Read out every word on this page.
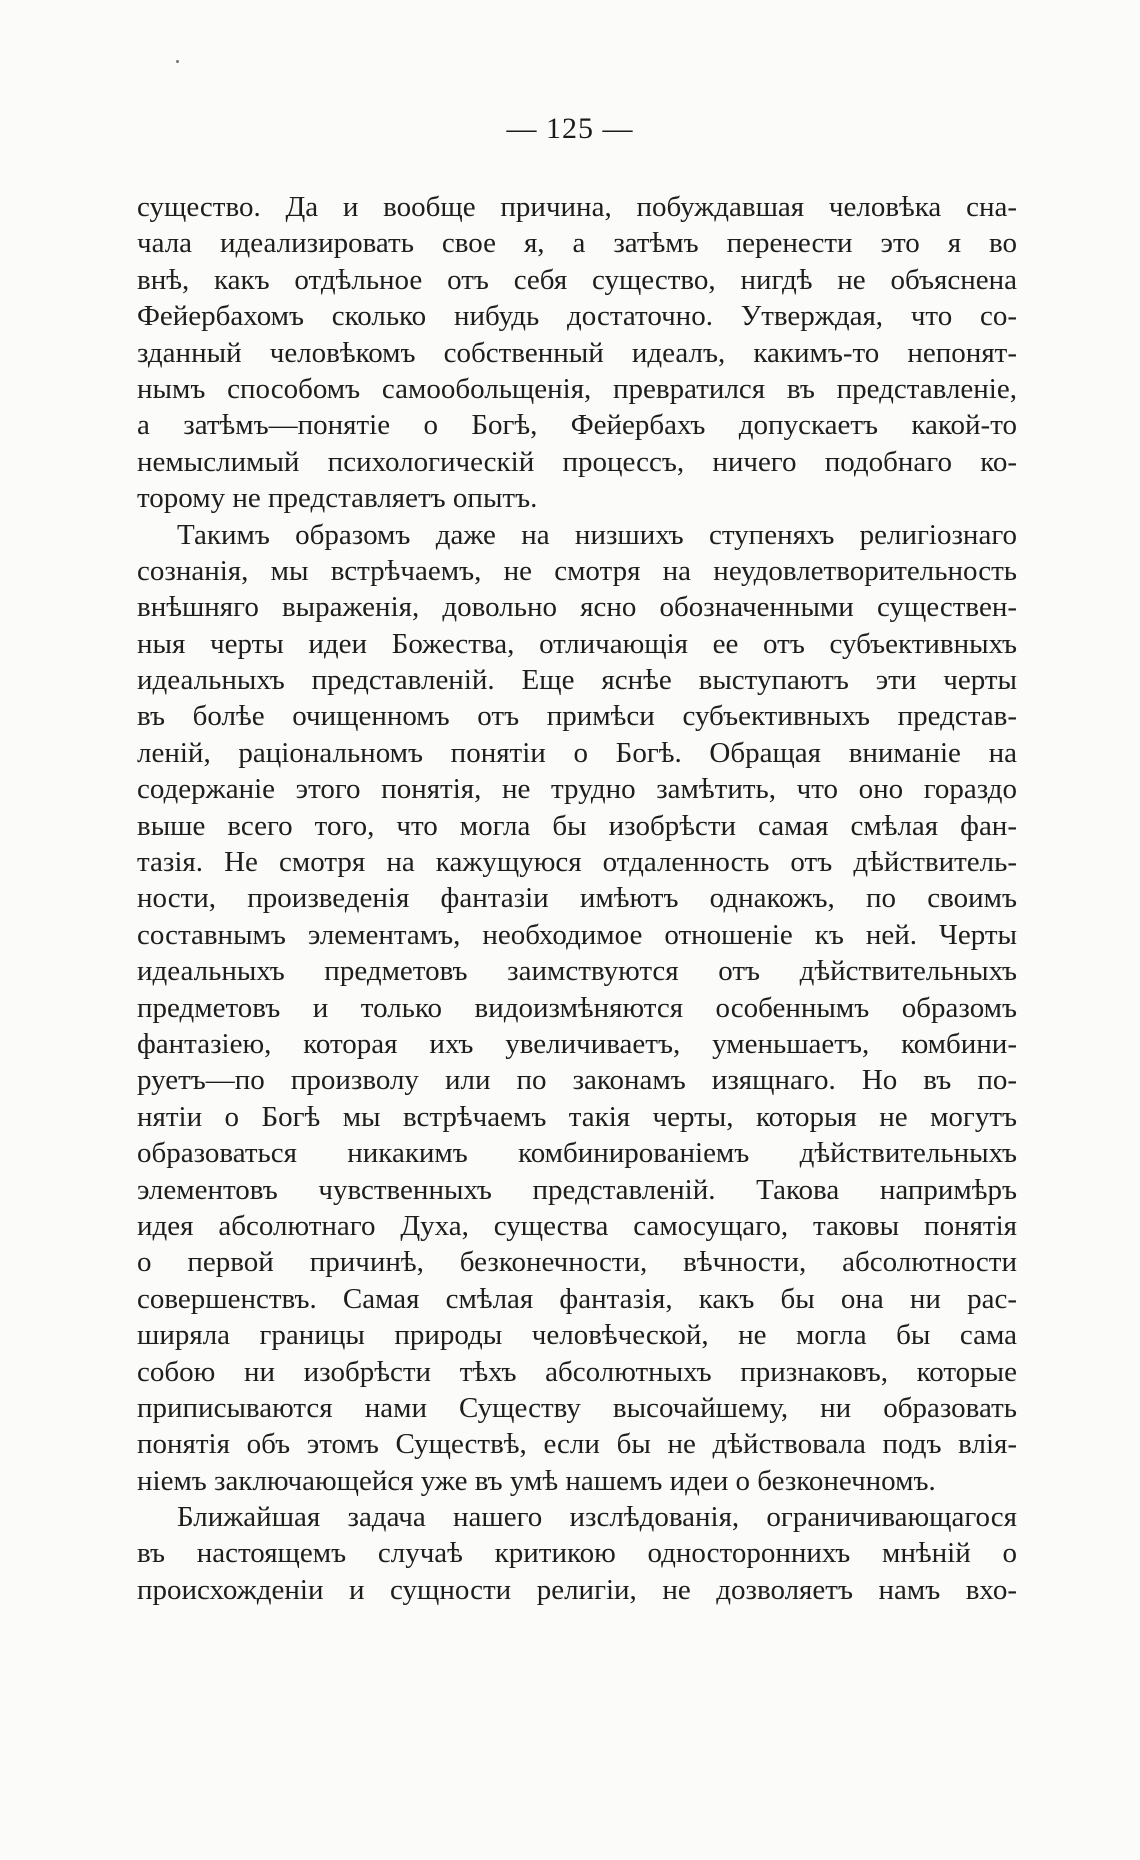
— 125 —
существо. Да и вообще причина, побуждавшая человѣка сна-
чала идеализировать свое я, а затѣмъ перенести это я во
внѣ, какъ отдѣльное отъ себя существо, нигдѣ не объяснена
Фейербахомъ сколько нибудь достаточно. Утверждая, что со-
зданный человѣкомъ собственный идеалъ, какимъ-то непонят-
нымъ способомъ самообольщенія, превратился въ представленіе,
а затѣмъ—понятіе о Богѣ, Фейербахъ допускаетъ какой-то
немыслимый психологическій процессъ, ничего подобнаго ко-
торому не представляетъ опытъ.
Такимъ образомъ даже на низшихъ ступеняхъ религіознаго
сознанія, мы встрѣчаемъ, не смотря на неудовлетворительность
внѣшняго выраженія, довольно ясно обозначенными существен-
ныя черты идеи Божества, отличающія ее отъ субъективныхъ
идеальныхъ представленій. Еще яснѣе выступаютъ эти черты
въ болѣе очищенномъ отъ примѣси субъективныхъ представ-
леній, раціональномъ понятіи о Богѣ. Обращая вниманіе на
содержаніе этого понятія, не трудно замѣтить, что оно гораздо
выше всего того, что могла бы изобрѣсти самая смѣлая фан-
тазія. Не смотря на кажущуюся отдаленность отъ дѣйствитель-
ности, произведенія фантазіи имѣютъ однакожъ, по своимъ
составнымъ элементамъ, необходимое отношеніе къ ней. Черты
идеальныхъ предметовъ заимствуются отъ дѣйствительныхъ
предметовъ и только видоизмѣняются особеннымъ образомъ
фантазіею, которая ихъ увеличиваетъ, уменьшаетъ, комбини-
руетъ—по произволу или по законамъ изящнаго. Но въ по-
нятіи о Богѣ мы встрѣчаемъ такія черты, которыя не могутъ
образоваться никакимъ комбинированіемъ дѣйствительныхъ
элементовъ чувственныхъ представленій. Такова напримѣръ
идея абсолютнаго Духа, существа самосущаго, таковы понятія
о первой причинѣ, безконечности, вѣчности, абсолютности
совершенствъ. Самая смѣлая фантазія, какъ бы она ни рас-
ширяла границы природы человѣческой, не могла бы сама
собою ни изобрѣсти тѣхъ абсолютныхъ признаковъ, которые
приписываются нами Существу высочайшему, ни образовать
понятія объ этомъ Существѣ, если бы не дѣйствовала подъ влія-
ніемъ заключающейся уже въ умѣ нашемъ идеи о безконечномъ.
Ближайшая задача нашего изслѣдованія, ограничивающагося
въ настоящемъ случаѣ критикою одностороннихъ мнѣній о
происхожденіи и сущности религіи, не дозволяетъ намъ вхо-
